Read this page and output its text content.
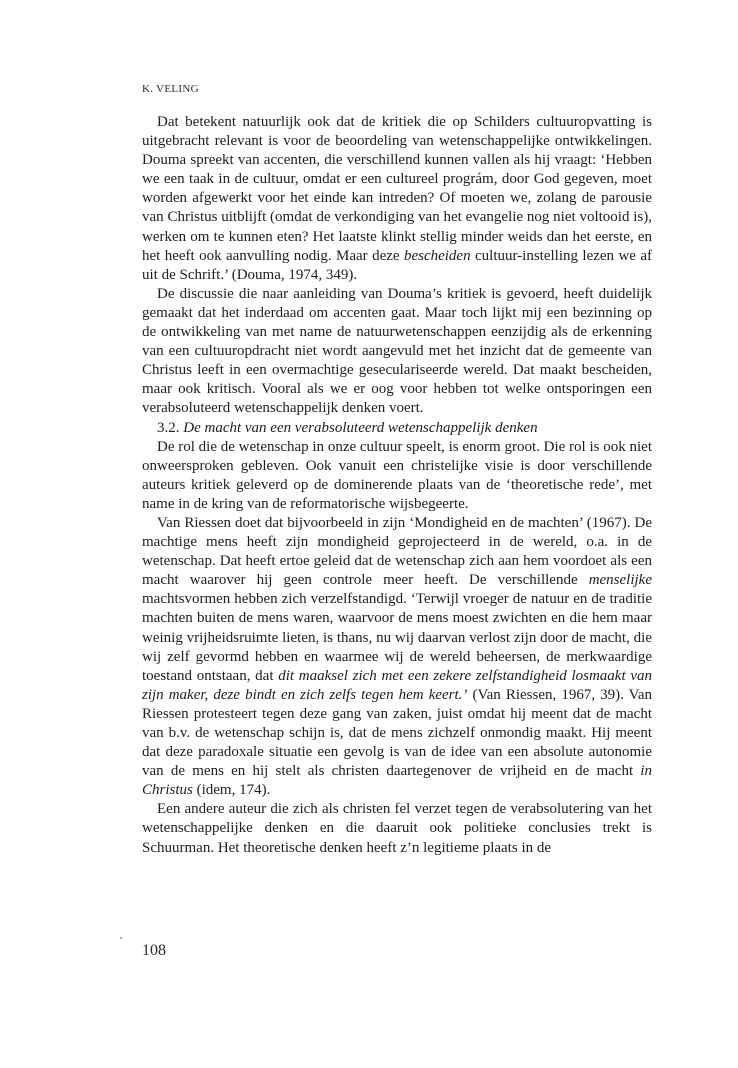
K. VELING

Dat betekent natuurlijk ook dat de kritiek die op Schilders cultuuropvatting is uitgebracht relevant is voor de beoordeling van wetenschappelijke ontwikkelingen. Douma spreekt van accenten, die verschillend kunnen vallen als hij vraagt: ‘Hebben we een taak in de cultuur, omdat er een cultureel prográm, door God gegeven, moet worden afgewerkt voor het einde kan intreden? Of moeten we, zolang de parousie van Christus uitblijft (omdat de verkondiging van het evangelie nog niet voltooid is), werken om te kunnen eten? Het laatste klinkt stellig minder weids dan het eerste, en het heeft ook aanvulling nodig. Maar deze bescheiden cultuur-instelling lezen we af uit de Schrift.’ (Douma, 1974, 349).

De discussie die naar aanleiding van Douma’s kritiek is gevoerd, heeft duidelijk gemaakt dat het inderdaad om accenten gaat. Maar toch lijkt mij een bezinning op de ontwikkeling van met name de natuurwetenschappen eenzijdig als de erkenning van een cultuuropdracht niet wordt aangevuld met het inzicht dat de gemeente van Christus leeft in een overmachtige geseculariseerde wereld. Dat maakt bescheiden, maar ook kritisch. Vooral als we er oog voor hebben tot welke ontsporingen een verabsoluteerd wetenschappelijk denken voert.

3.2. De macht van een verabsoluteerd wetenschappelijk denken

De rol die de wetenschap in onze cultuur speelt, is enorm groot. Die rol is ook niet onweersproken gebleven. Ook vanuit een christelijke visie is door verschillende auteurs kritiek geleverd op de dominerende plaats van de ‘theoretische rede’, met name in de kring van de reformatorische wijsbegeerte.

Van Riessen doet dat bijvoorbeeld in zijn ‘Mondigheid en de machten’ (1967). De machtige mens heeft zijn mondigheid geprojecteerd in de wereld, o.a. in de wetenschap. Dat heeft ertoe geleid dat de wetenschap zich aan hem voordoet als een macht waarover hij geen controle meer heeft. De verschillende menselijke machtsvormen hebben zich verzelfstandigd. ‘Terwijl vroeger de natuur en de traditie machten buiten de mens waren, waarvoor de mens moest zwichten en die hem maar weinig vrijheidsruimte lieten, is thans, nu wij daarvan verlost zijn door de macht, die wij zelf gevormd hebben en waarmee wij de wereld beheersen, de merkwaardige toestand ontstaan, dat dit maaksel zich met een zekere zelfstandigheid losmaakt van zijn maker, deze bindt en zich zelfs tegen hem keert.’ (Van Riessen, 1967, 39). Van Riessen protesteert tegen deze gang van zaken, juist omdat hij meent dat de macht van b.v. de wetenschap schijn is, dat de mens zichzelf onmondig maakt. Hij meent dat deze paradoxale situatie een gevolg is van de idee van een absolute autonomie van de mens en hij stelt als christen daartegenover de vrijheid en de macht in Christus (idem, 174).

Een andere auteur die zich als christen fel verzet tegen de verabsolutering van het wetenschappelijke denken en die daaruit ook politieke conclusies trekt is Schuurman. Het theoretische denken heeft z’n legitieme plaats in de

108
